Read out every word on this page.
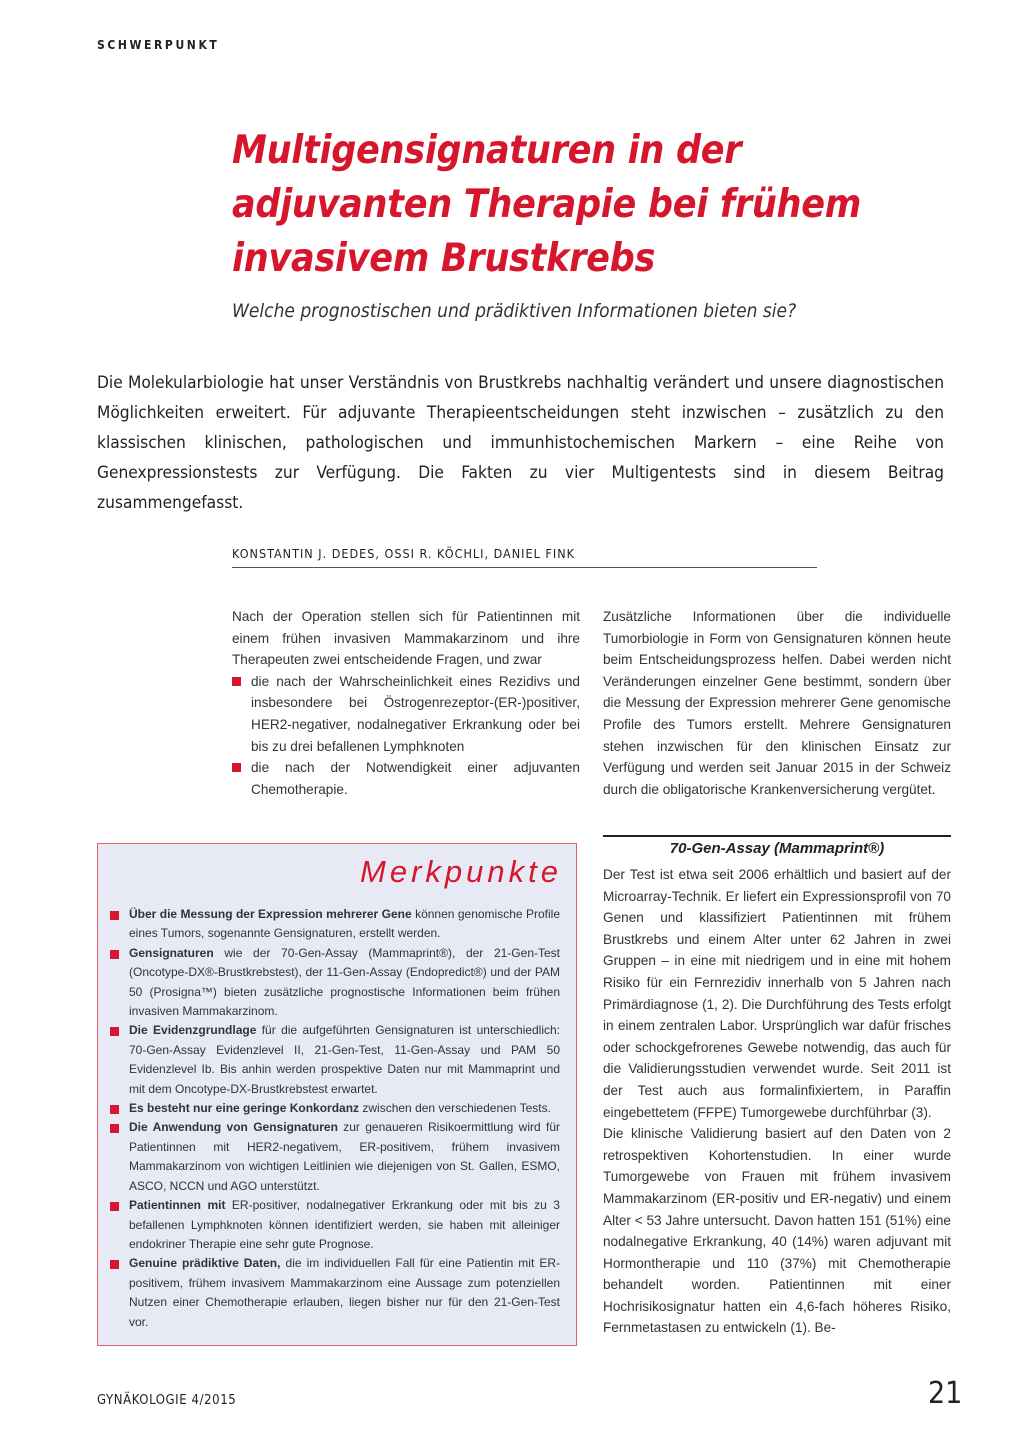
SCHWERPUNKT
Multigensignaturen in der
adjuvanten Therapie bei frühem
invasivem Brustkrebs
Welche prognostischen und prädiktiven Informationen bieten sie?

Die Molekularbiologie hat unser Verständnis von Brustkrebs nachhaltig verändert und unsere diagnostischen Möglichkeiten erweitert. Für adjuvante Therapieentscheidungen steht inzwischen – zusätzlich zu den klassischen klinischen, pathologischen und immunhistochemischen Markern – eine Reihe von Genexpressionstests zur Verfügung. Die Fakten zu vier Multigentests sind in diesem Beitrag zusammengefasst.

KONSTANTIN J. DEDES, OSSI R. KÖCHLI, DANIEL FINK

Nach der Operation stellen sich für Patientinnen mit einem frühen invasiven Mammakarzinom und ihre Therapeuten zwei entscheidende Fragen, und zwar

die nach der Wahrscheinlichkeit eines Rezidivs und insbesondere bei Östrogenrezeptor-(ER-)positiver, HER2-negativer, nodalnegativer Erkrankung oder bei bis zu drei befallenen Lymphknoten
die nach der Notwendigkeit einer adjuvanten Chemotherapie.

Zusätzliche Informationen über die individuelle Tumorbiologie in Form von Gensignaturen können heute beim Entscheidungsprozess helfen. Dabei werden nicht Veränderungen einzelner Gene bestimmt, sondern über die Messung der Expression mehrerer Gene genomische Profile des Tumors erstellt. Mehrere Gensignaturen stehen inzwischen für den klinischen Einsatz zur Verfügung und werden seit Januar 2015 in der Schweiz durch die obligatorische Krankenversicherung vergütet.

70-Gen-Assay (Mammaprint®)

Der Test ist etwa seit 2006 erhältlich und basiert auf der Microarray-Technik. Er liefert ein Expressionsprofil von 70 Genen und klassifiziert Patientinnen mit frühem Brustkrebs und einem Alter unter 62 Jahren in zwei Gruppen – in eine mit niedrigem und in eine mit hohem Risiko für ein Fernrezidiv innerhalb von 5 Jahren nach Primärdiagnose (1, 2). Die Durchführung des Tests erfolgt in einem zentralen Labor. Ursprünglich war dafür frisches oder schockgefrorenes Gewebe notwendig, das auch für die Validierungsstudien verwendet wurde. Seit 2011 ist der Test auch aus formalinfixiertem, in Paraffin eingebettetem (FFPE) Tumorgewebe durchführbar (3).

Die klinische Validierung basiert auf den Daten von 2 retrospektiven Kohortenstudien. In einer wurde Tumorgewebe von Frauen mit frühem invasivem Mammakarzinom (ER-positiv und ER-negativ) und einem Alter < 53 Jahre untersucht. Davon hatten 151 (51%) eine nodalnegative Erkrankung, 40 (14%) waren adjuvant mit Hormontherapie und 110 (37%) mit Chemotherapie behandelt worden. Patientinnen mit einer Hochrisikosignatur hatten ein 4,6-fach höheres Risiko, Fernmetastasen zu entwickeln (1). Be-

Merkpunkte
Über die Messung der Expression mehrerer Gene können genomische Profile eines Tumors, sogenannte Gensignaturen, erstellt werden.
Gensignaturen wie der 70-Gen-Assay (Mammaprint®), der 21-Gen-Test (Oncotype-DX®-Brustkrebstest), der 11-Gen-Assay (Endopredict®) und der PAM 50 (Prosigna™) bieten zusätzliche prognostische Informationen beim frühen invasiven Mammakarzinom.
Die Evidenzgrundlage für die aufgeführten Gensignaturen ist unterschiedlich: 70-Gen-Assay Evidenzlevel II, 21-Gen-Test, 11-Gen-Assay und PAM 50 Evidenzlevel Ib. Bis anhin werden prospektive Daten nur mit Mammaprint und mit dem Oncotype-DX-Brustkrebstest erwartet.
Es besteht nur eine geringe Konkordanz zwischen den verschiedenen Tests.
Die Anwendung von Gensignaturen zur genaueren Risikoermittlung wird für Patientinnen mit HER2-negativem, ER-positivem, frühem invasivem Mammakarzinom von wichtigen Leitlinien wie diejenigen von St. Gallen, ESMO, ASCO, NCCN und AGO unterstützt.
Patientinnen mit ER-positiver, nodalnegativer Erkrankung oder mit bis zu 3 befallenen Lymphknoten können identifiziert werden, sie haben mit alleiniger endokriner Therapie eine sehr gute Prognose.
Genuine prädiktive Daten, die im individuellen Fall für eine Patientin mit ER-positivem, frühem invasivem Mammakarzinom eine Aussage zum potenziellen Nutzen einer Chemotherapie erlauben, liegen bisher nur für den 21-Gen-Test vor.
GYNÄKOLOGIE 4/2015	21
